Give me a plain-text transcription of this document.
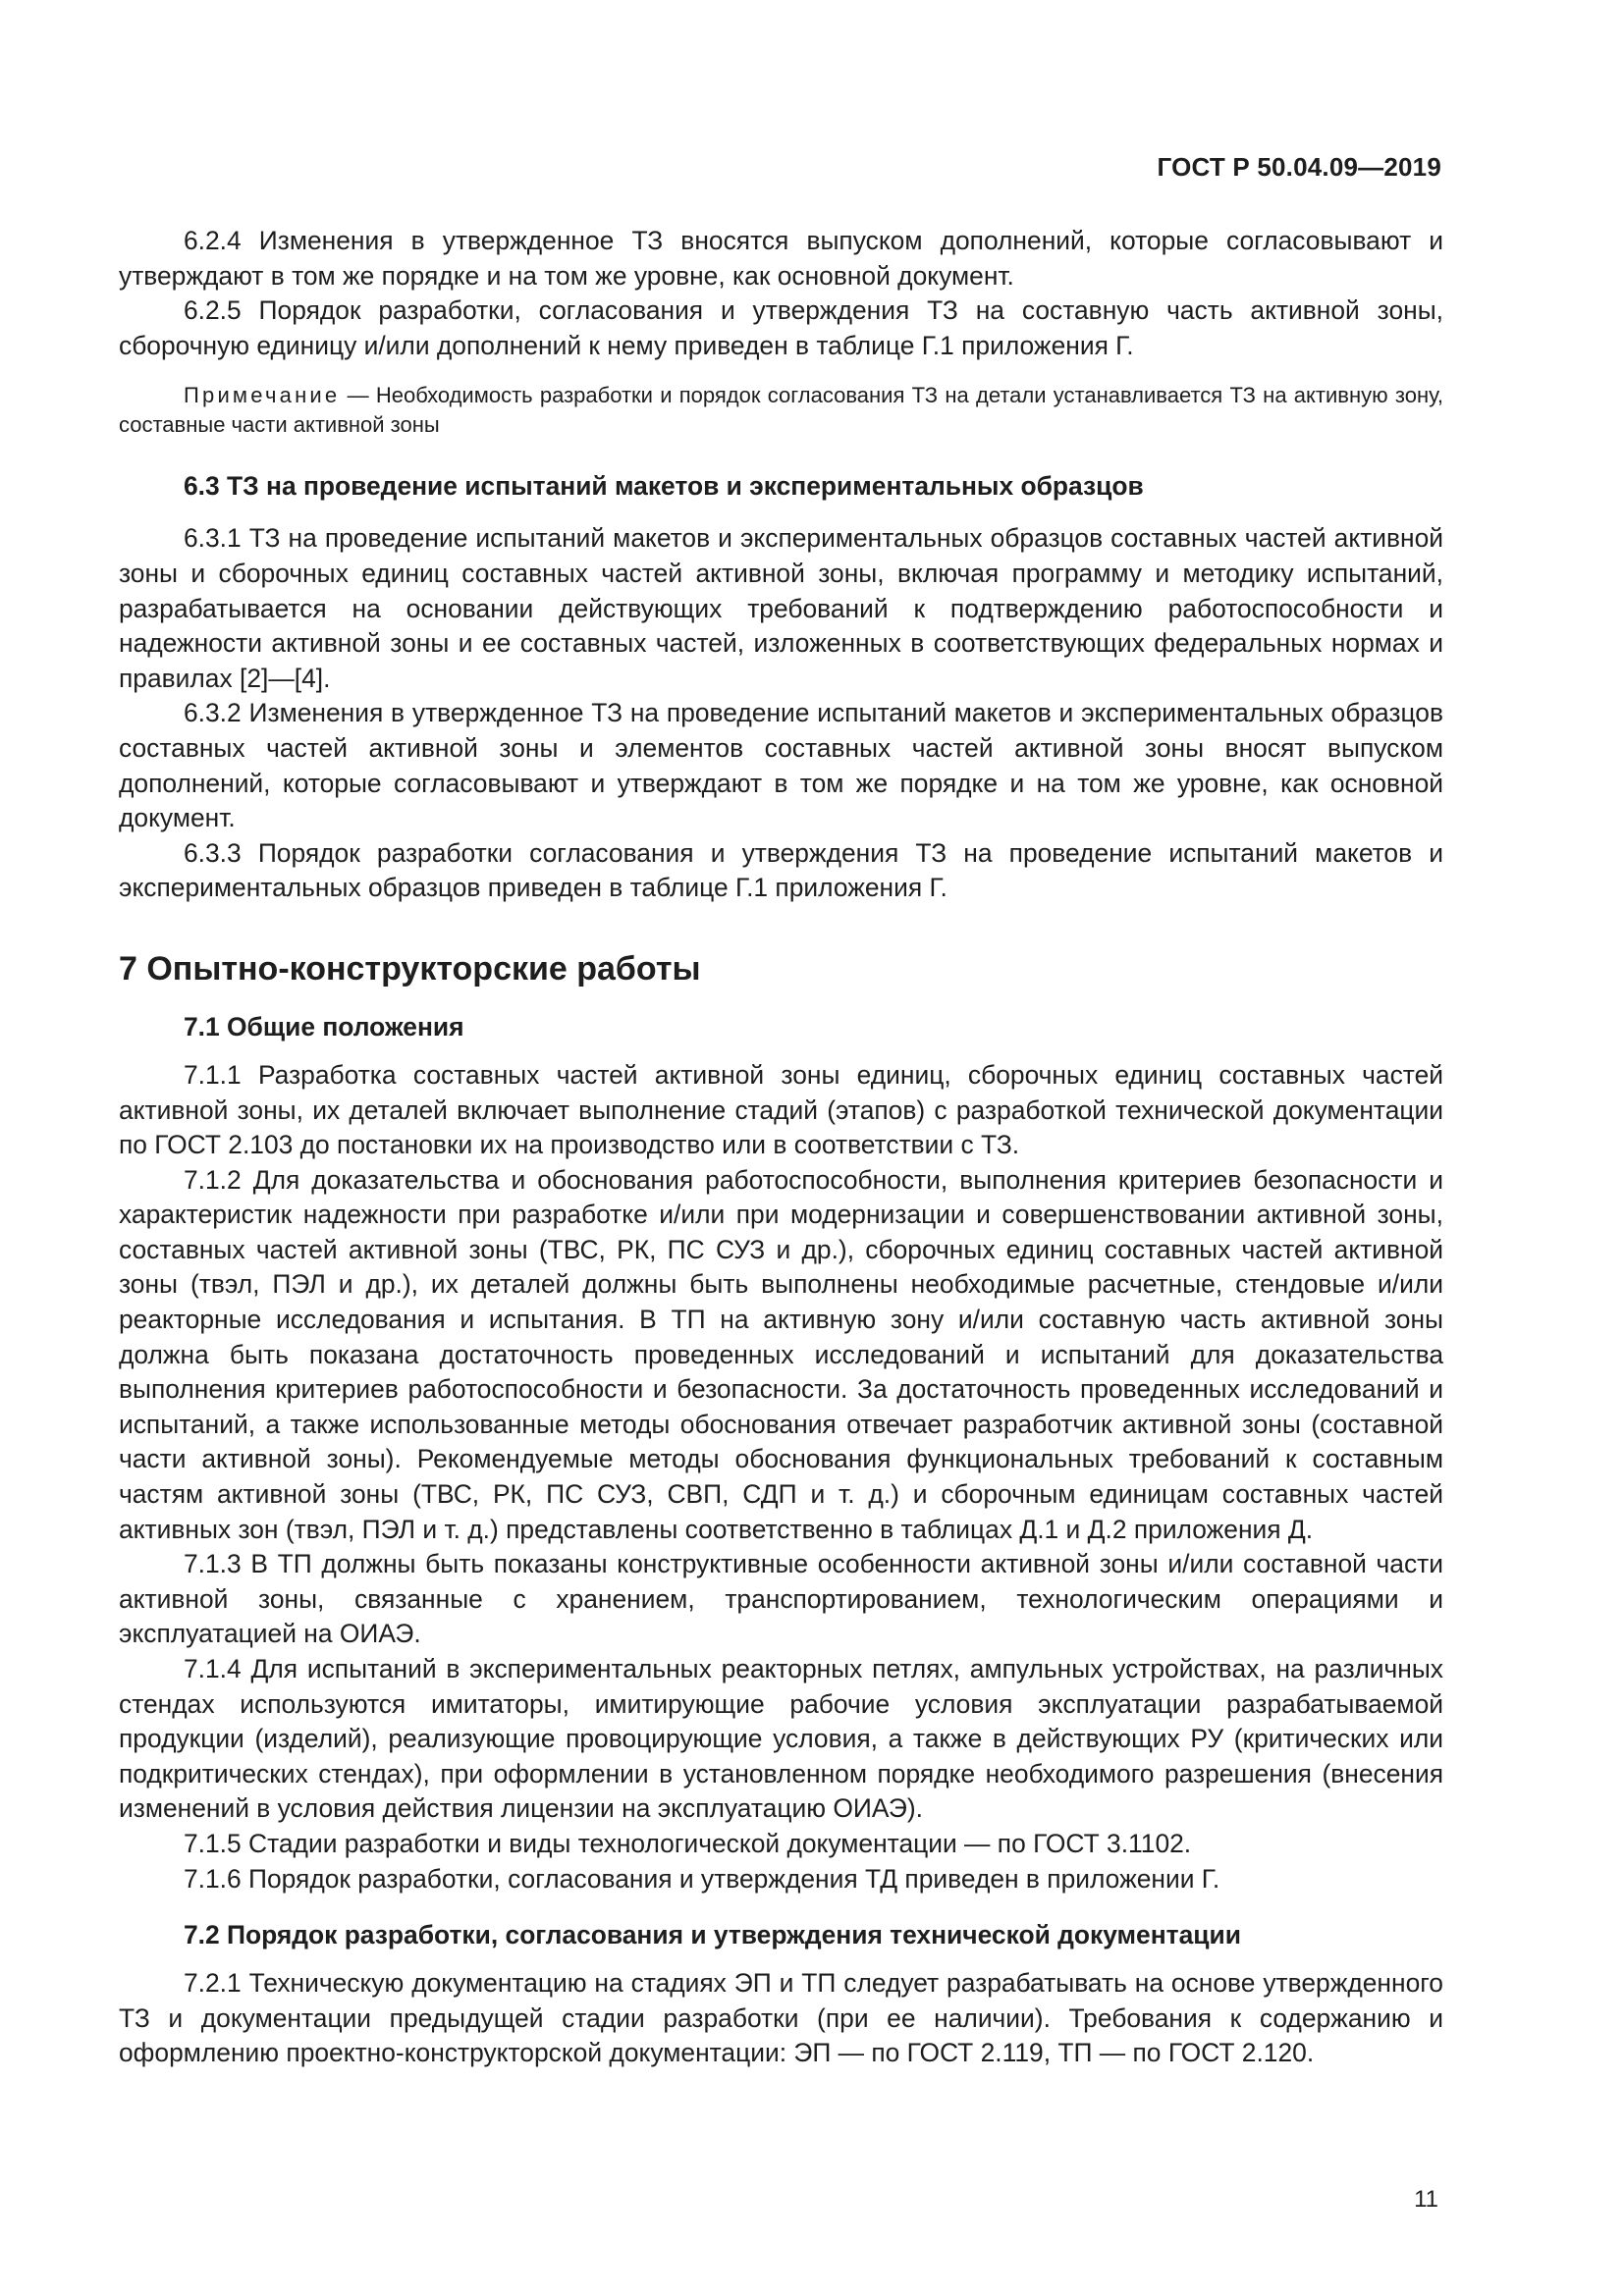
ГОСТ Р 50.04.09—2019

6.2.4 Изменения в утвержденное ТЗ вносятся выпуском дополнений, которые согласовывают и утверждают в том же порядке и на том же уровне, как основной документ.

6.2.5 Порядок разработки, согласования и утверждения ТЗ на составную часть активной зоны, сборочную единицу и/или дополнений к нему приведен в таблице Г.1 приложения Г.

Примечание — Необходимость разработки и порядок согласования ТЗ на детали устанавливается ТЗ на активную зону, составные части активной зоны

6.3 ТЗ на проведение испытаний макетов и экспериментальных образцов

6.3.1 ТЗ на проведение испытаний макетов и экспериментальных образцов составных частей активной зоны и сборочных единиц составных частей активной зоны, включая программу и методику испытаний, разрабатывается на основании действующих требований к подтверждению работоспособности и надежности активной зоны и ее составных частей, изложенных в соответствующих федеральных нормах и правилах [2]—[4].

6.3.2 Изменения в утвержденное ТЗ на проведение испытаний макетов и экспериментальных образцов составных частей активной зоны и элементов составных частей активной зоны вносят выпуском дополнений, которые согласовывают и утверждают в том же порядке и на том же уровне, как основной документ.

6.3.3 Порядок разработки согласования и утверждения ТЗ на проведение испытаний макетов и экспериментальных образцов приведен в таблице Г.1 приложения Г.

7 Опытно-конструкторские работы
7.1 Общие положения

7.1.1 Разработка составных частей активной зоны единиц, сборочных единиц составных частей активной зоны, их деталей включает выполнение стадий (этапов) с разработкой технической документации по ГОСТ 2.103 до постановки их на производство или в соответствии с ТЗ.

7.1.2 Для доказательства и обоснования работоспособности, выполнения критериев безопасности и характеристик надежности при разработке и/или при модернизации и совершенствовании активной зоны, составных частей активной зоны (ТВС, РК, ПС СУЗ и др.), сборочных единиц составных частей активной зоны (твэл, ПЭЛ и др.), их деталей должны быть выполнены необходимые расчетные, стендовые и/или реакторные исследования и испытания. В ТП на активную зону и/или составную часть активной зоны должна быть показана достаточность проведенных исследований и испытаний для доказательства выполнения критериев работоспособности и безопасности. За достаточность проведенных исследований и испытаний, а также использованные методы обоснования отвечает разработчик активной зоны (составной части активной зоны). Рекомендуемые методы обоснования функциональных требований к составным частям активной зоны (ТВС, РК, ПС СУЗ, СВП, СДП и т. д.) и сборочным единицам составных частей активных зон (твэл, ПЭЛ и т. д.) представлены соответственно в таблицах Д.1 и Д.2 приложения Д.

7.1.3 В ТП должны быть показаны конструктивные особенности активной зоны и/или составной части активной зоны, связанные с хранением, транспортированием, технологическим операциями и эксплуатацией на ОИАЭ.

7.1.4 Для испытаний в экспериментальных реакторных петлях, ампульных устройствах, на различных стендах используются имитаторы, имитирующие рабочие условия эксплуатации разрабатываемой продукции (изделий), реализующие провоцирующие условия, а также в действующих РУ (критических или подкритических стендах), при оформлении в установленном порядке необходимого разрешения (внесения изменений в условия действия лицензии на эксплуатацию ОИАЭ).

7.1.5 Стадии разработки и виды технологической документации — по ГОСТ 3.1102.

7.1.6 Порядок разработки, согласования и утверждения ТД приведен в приложении Г.

7.2 Порядок разработки, согласования и утверждения технической документации

7.2.1 Техническую документацию на стадиях ЭП и ТП следует разрабатывать на основе утвержденного ТЗ и документации предыдущей стадии разработки (при ее наличии). Требования к содержанию и оформлению проектно-конструкторской документации: ЭП — по ГОСТ 2.119, ТП — по ГОСТ 2.120.

11
